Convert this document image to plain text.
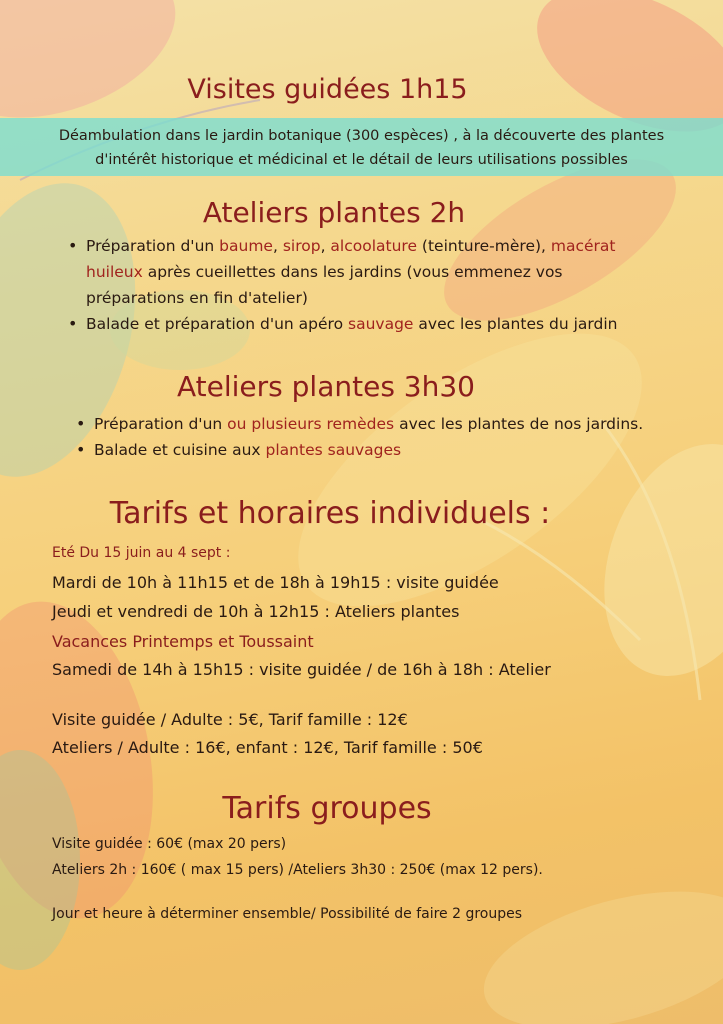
Visites guidées 1h15
Déambulation dans le jardin botanique (300 espèces) , à la découverte des plantes
d'intérêt historique et médicinal et le détail de leurs utilisations possibles
Ateliers plantes 2h
• Préparation d'un baume, sirop, alcoolature (teinture-mère), macérat huileux après cueillettes dans les jardins (vous emmenez vos préparations en fin d'atelier)
• Balade et préparation d'un apéro sauvage avec les plantes du jardin
Ateliers plantes 3h30
• Préparation d'un ou plusieurs remèdes avec les plantes de nos jardins.
• Balade et cuisine aux plantes sauvages
Tarifs et horaires individuels :
Eté Du 15 juin au 4 sept :
Mardi de 10h à 11h15 et de 18h à 19h15 : visite guidée
Jeudi et vendredi de 10h à 12h15 : Ateliers plantes
Vacances Printemps et Toussaint
Samedi de 14h à 15h15 : visite guidée / de 16h à 18h : Atelier
Visite guidée / Adulte : 5€, Tarif famille : 12€
Ateliers / Adulte : 16€, enfant : 12€, Tarif famille : 50€
Tarifs groupes
Visite guidée : 60€ (max 20 pers)
Ateliers 2h : 160€ ( max 15 pers) /Ateliers 3h30 : 250€ (max 12 pers).
Jour et heure à déterminer ensemble/ Possibilité de faire 2 groupes
